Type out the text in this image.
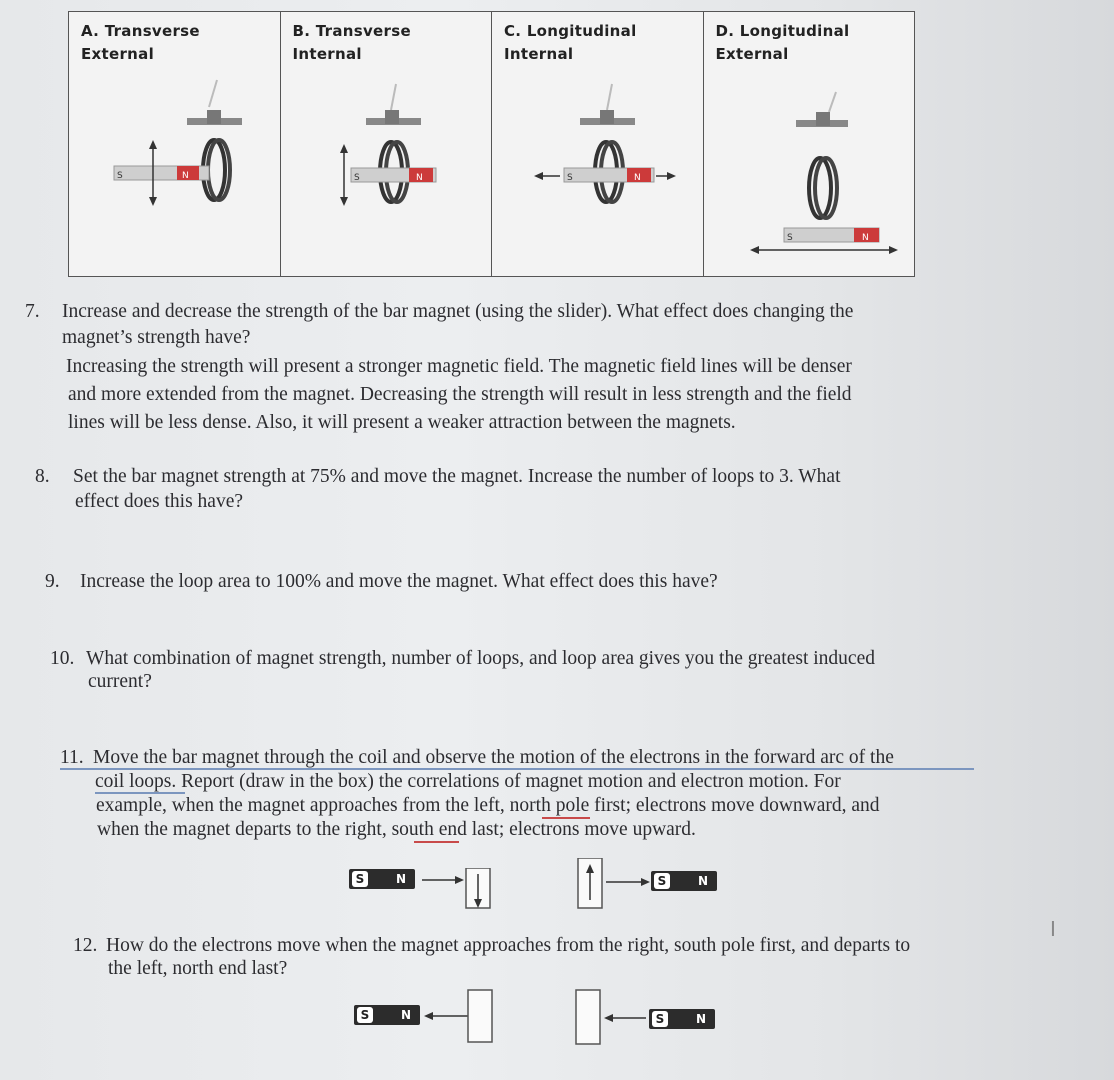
A. Transverse
External
S	N
B. Transverse
Internal
S	N
C. Longitudinal
Internal
S	N
D. Longitudinal
External
S	N
7. Increase and decrease the strength of the bar magnet (using the slider). What effect does changing the
magnet’s strength have?
Increasing the strength will present a stronger magnetic field. The magnetic field lines will be denser
and more extended from the magnet. Decreasing the strength will result in less strength and the field
lines will be less dense. Also, it will present a weaker attraction between the magnets.
8. Set the bar magnet strength at 75% and move the magnet. Increase the number of loops to 3. What
effect does this have?
9. Increase the loop area to 100% and move the magnet. What effect does this have?
10. What combination of magnet strength, number of loops, and loop area gives you the greatest induced
current?
11. Move the bar magnet through the coil and observe the motion of the electrons in the forward arc of the
coil loops. Report (draw in the box) the correlations of magnet motion and electron motion. For
example, when the magnet approaches from the left, north pole first; electrons move downward, and
when the magnet departs to the right, south end last; electrons move upward.
S	N	S	N
12. How do the electrons move when the magnet approaches from the right, south pole first, and departs to
the left, north end last?
S	N	S	N
I
